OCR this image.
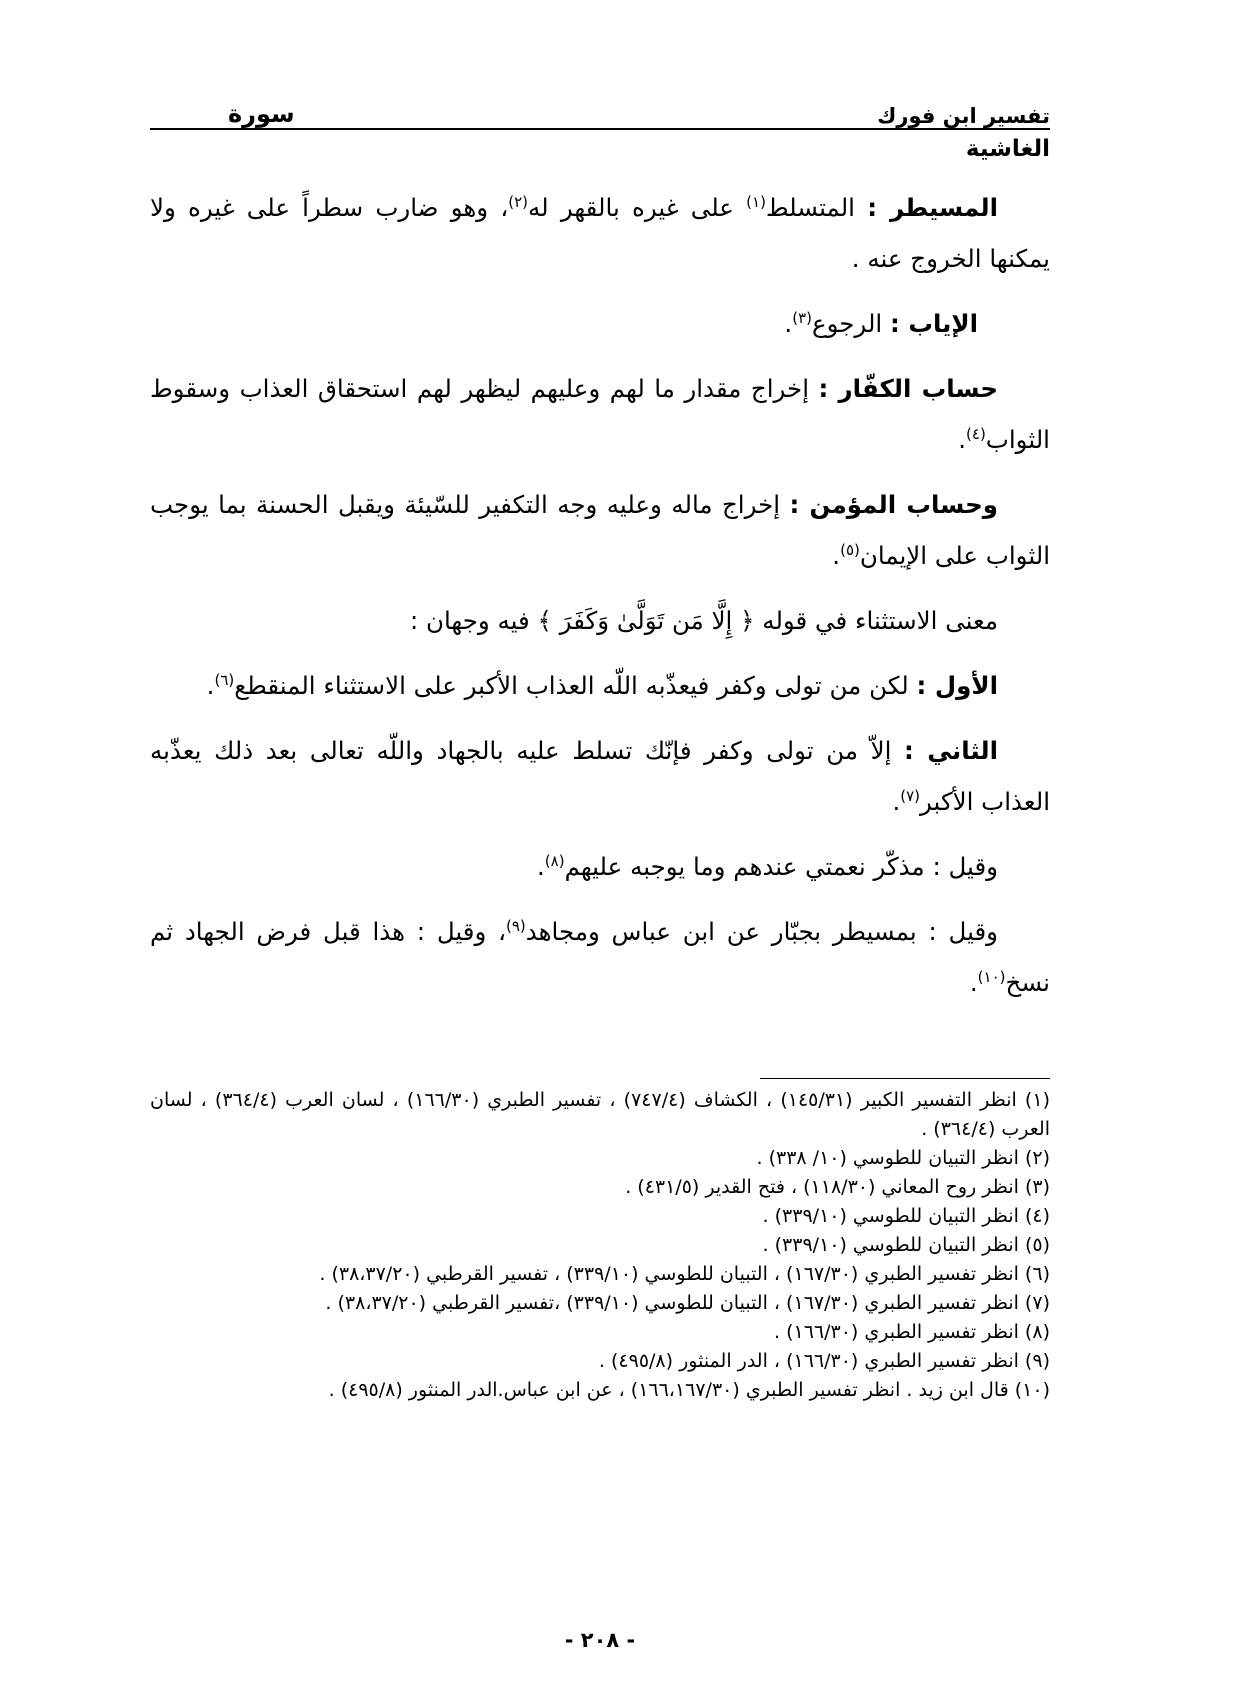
تفسير ابن فورك
سورة
الغاشية

المسيطر : المتسلط$^{(١)}$ على غيره بالقهر له$^{(٢)}$، وهو ضارب سطراً على غيره ولا يمكنها الخروج عنه .

الإياب : الرجوع$^{(٣)}$.

حساب الكفّار : إخراج مقدار ما لهم وعليهم ليظهر لهم استحقاق العذاب وسقوط الثواب$^{(٤)}$.

وحساب المؤمن : إخراج ماله وعليه وجه التكفير للسّيئة ويقبل الحسنة بما يوجب الثواب على الإيمان$^{(٥)}$.

معنى الاستثناء في قوله ﴿ إِلَّا مَن تَوَلَّىٰ وَكَفَرَ ﴾ فيه وجهان :

الأول : لكن من تولى وكفر فيعذّبه اللّه العذاب الأكبر على الاستثناء المنقطع$^{(٦)}$.

الثاني : إلاّ من تولى وكفر فإنّك تسلط عليه بالجهاد واللّه تعالى بعد ذلك يعذّبه العذاب الأكبر$^{(٧)}$.

وقيل : مذكّر نعمتي عندهم وما يوجبه عليهم$^{(٨)}$.

وقيل : بمسيطر بجبّار عن ابن عباس ومجاهد$^{(٩)}$، وقيل : هذا قبل فرض الجهاد ثم نسخ$^{(١٠)}$.

(١) انظر التفسير الكبير (١٤٥/٣١) ، الكشاف (٧٤٧/٤) ، تفسير الطبري (١٦٦/٣٠) ، لسان العرب (٣٦٤/٤) ، لسان العرب (٣٦٤/٤) .

(٢) انظر التبيان للطوسي (١٠/ ٣٣٨) .

(٣) انظر روح المعاني (١١٨/٣٠) ، فتح القدير (٤٣١/٥) .

(٤) انظر التبيان للطوسي (٣٣٩/١٠) .

(٥) انظر التبيان للطوسي (٣٣٩/١٠) .

(٦) انظر تفسير الطبري (١٦٧/٣٠) ، التبيان للطوسي (٣٣٩/١٠) ، تفسير القرطبي (٣٨،٣٧/٢٠) .

(٧) انظر تفسير الطبري (١٦٧/٣٠) ، التبيان للطوسي (٣٣٩/١٠) ،تفسير القرطبي (٣٨،٣٧/٢٠) .

(٨) انظر تفسير الطبري (١٦٦/٣٠) .

(٩) انظر تفسير الطبري (١٦٦/٣٠) ، الدر المنثور (٤٩٥/٨) .

(١٠) قال ابن زيد . انظر تفسير الطبري (١٦٦،١٦٧/٣٠) ، عن ابن عباس.الدر المنثور (٤٩٥/٨) .

- ٢٠٨ -
